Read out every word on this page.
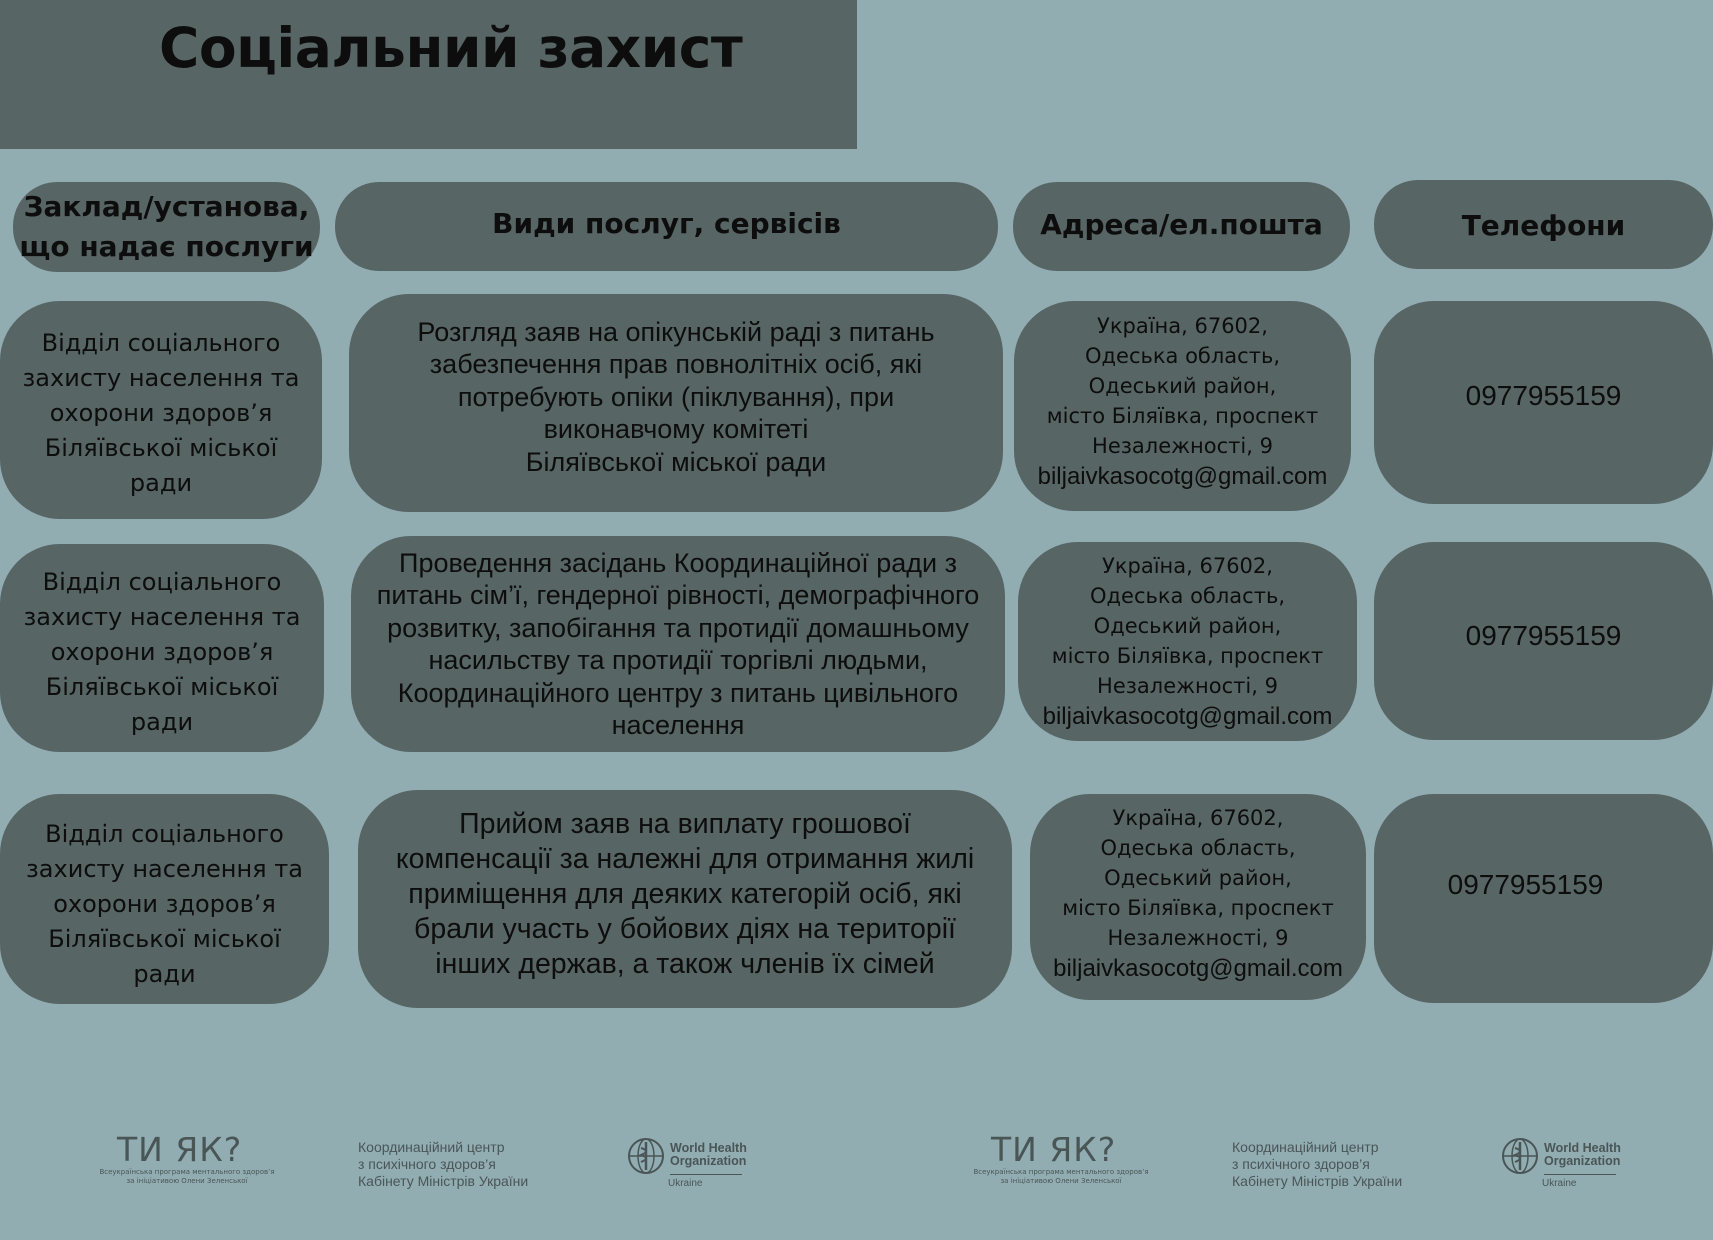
Соціальний захист
Заклад/установа,
що надає послуги
Види послуг, сервісів	Адреса/ел.пошта	Телефони
Відділ соціального
захисту населення та
охорони здоров’я
Біляївської міської
ради
Розгляд заяв на опікунській раді з питань
забезпечення прав повнолітніх осіб, які
потребують опіки (піклування), при
виконавчому комітеті
Біляївської міської ради
Україна, 67602,
Одеська область,
Одеський район,
місто Біляївка, проспект
Незалежності, 9
biljaivkasocotg@gmail.com
0977955159
Відділ соціального
захисту населення та
охорони здоров’я
Біляївської міської
ради
Проведення засідань Координаційної ради з
питань сім’ї, гендерної рівності, демографічного
розвитку, запобігання та протидії домашньому
насильству та протидії торгівлі людьми,
Координаційного центру з питань цивільного
населення
Україна, 67602,
Одеська область,
Одеський район,
місто Біляївка, проспект
Незалежності, 9
biljaivkasocotg@gmail.com
0977955159
Відділ соціального
захисту населення та
охорони здоров’я
Біляївської міської
ради
Прийом заяв на виплату грошової
компенсації за належні для отримання жилі
приміщення для деяких категорій осіб, які
брали участь у бойових діях на території
інших держав, а також членів їх сімей
Україна, 67602,
Одеська область,
Одеський район,
місто Біляївка, проспект
Незалежності, 9
biljaivkasocotg@gmail.com
0977955159
ТИ ЯК?
Всеукраїнська програма ментального здоров’я
за ініціативою Олени Зеленської
Координаційний центр
з психічного здоров’я
Кабінету Міністрів України
World Health
Organization
Ukraine
ТИ ЯК?
Всеукраїнська програма ментального здоров’я
за ініціативою Олени Зеленської
Координаційний центр
з психічного здоров’я
Кабінету Міністрів України
World Health
Organization
Ukraine
